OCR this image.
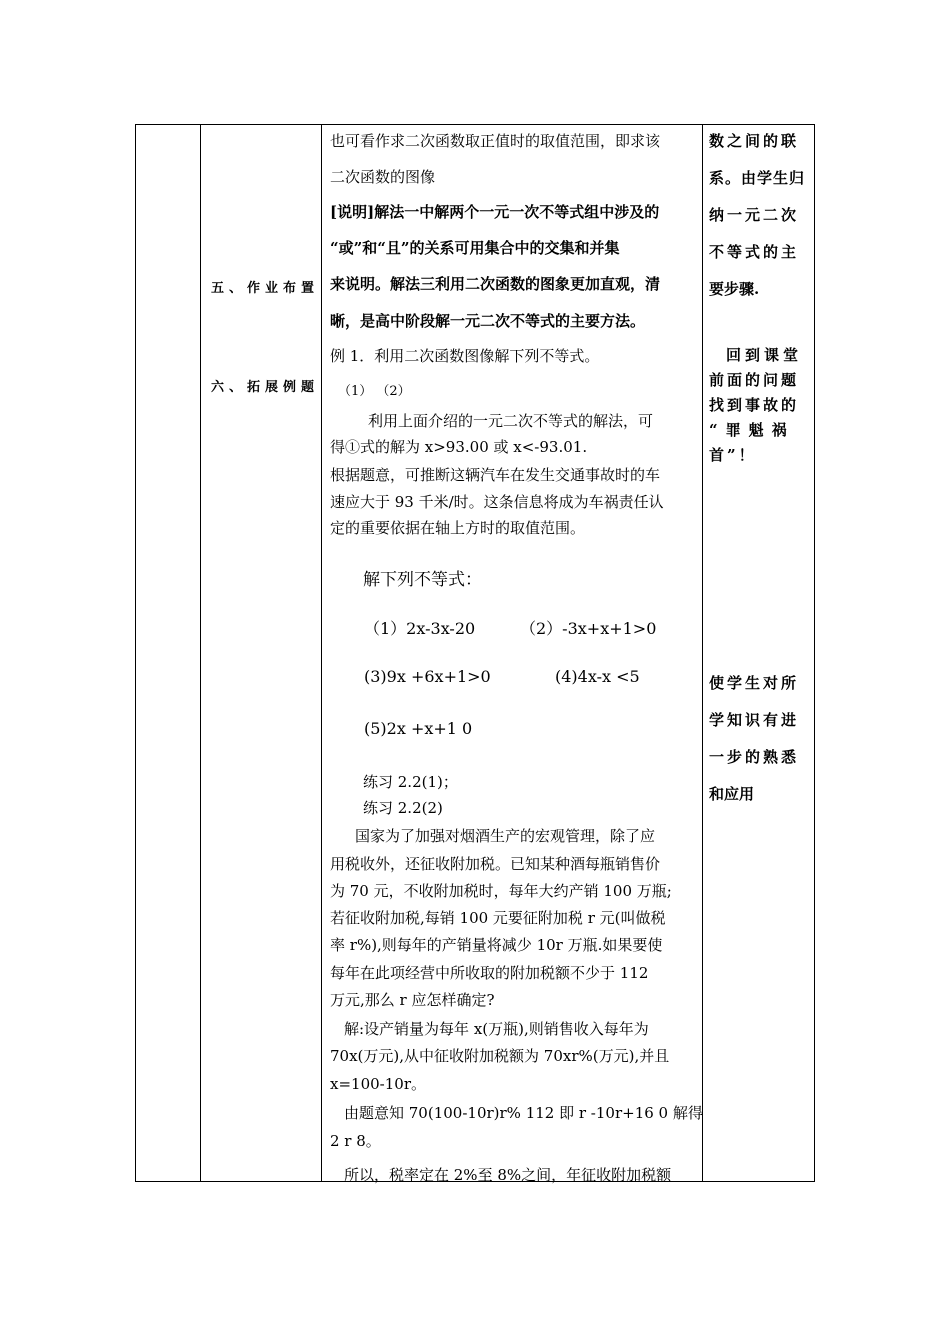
五、作业布置
六、拓展例题
也可看作求二次函数取正值时的取值范围，即求该
二次函数的图像
[说明]解法一中解两个一元一次不等式组中涉及的
“或”和“且”的关系可用集合中的交集和并集
来说明。解法三利用二次函数的图象更加直观，清
晰，是高中阶段解一元二次不等式的主要方法。
例 1．利用二次函数图像解下列不等式。
（1） （2）
利用上面介绍的一元二次不等式的解法，可
得①式的解为 x>93.00 或 x<-93.01.
根据题意，可推断这辆汽车在发生交通事故时的车
速应大于 93 千米/时。这条信息将成为车祸责任认
定的重要依据在轴上方时的取值范围。
解下列不等式：
（1）2x-3x-20	（2）-3x+x+1>0
(3)9x +6x+1>0	(4)4x-x <5
(5)2x +x+1 0
练习 2.2(1)；
练习 2.2(2)
国家为了加强对烟酒生产的宏观管理，除了应
用税收外，还征收附加税。已知某种酒每瓶销售价
为 70 元，不收附加税时，每年大约产销 100 万瓶;
若征收附加税,每销 100 元要征附加税 r 元(叫做税
率 r%),则每年的产销量将减少 10r 万瓶.如果要使
每年在此项经营中所收取的附加税额不少于 112
万元,那么 r 应怎样确定?
解:设产销量为每年 x(万瓶),则销售收入每年为
70x(万元),从中征收附加税额为 70xr%(万元),并且
x=100-10r。
由题意知 70(100-10r)r% 112 即 r -10r+16 0 解得
2 r 8。
所以，税率定在 2%至 8%之间，年征收附加税额
数之间的联
系。由学生归
纳一元二次
不等式的主
要步骤.
回到课堂
前面的问题
找到事故的
“罪魁祸
首”！
使学生对所
学知识有进
一步的熟悉
和应用
